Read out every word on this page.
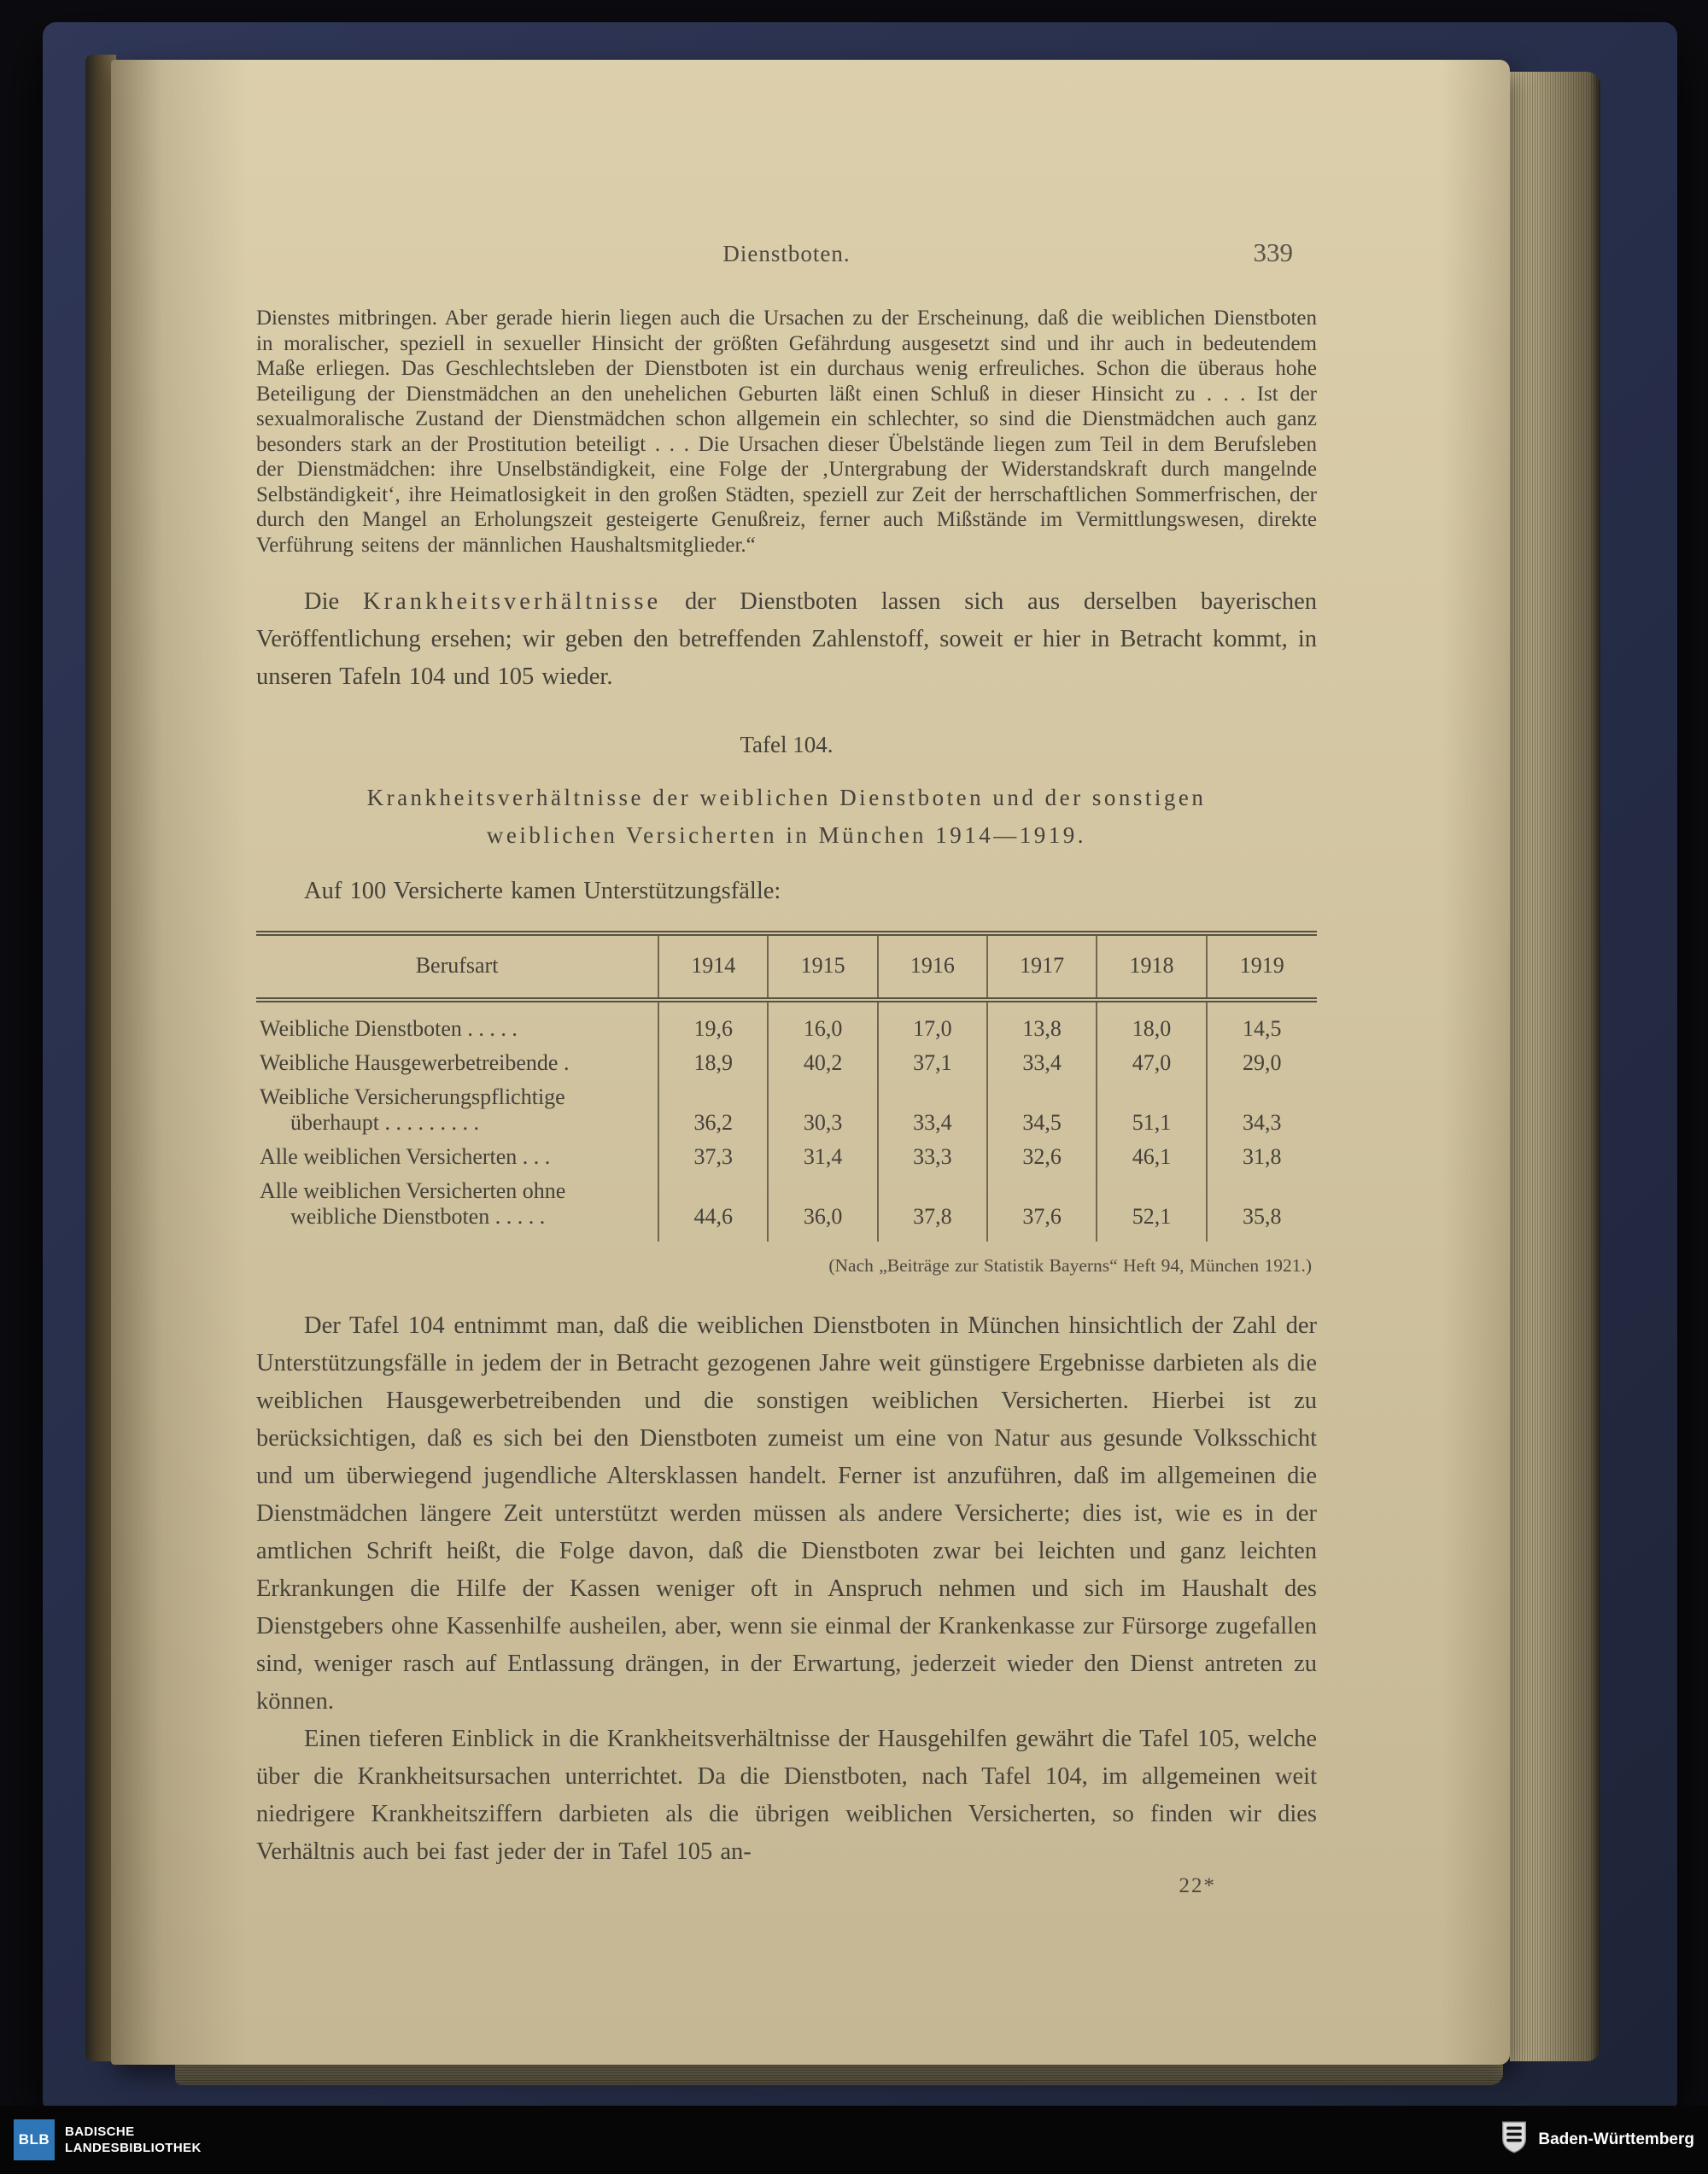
Dienstboten.	339

Dienstes mitbringen. Aber gerade hierin liegen auch die Ursachen zu der Erscheinung, daß die weiblichen Dienstboten in moralischer, speziell in sexueller Hinsicht der größten Gefährdung ausgesetzt sind und ihr auch in bedeutendem Maße erliegen. Das Geschlechtsleben der Dienstboten ist ein durchaus wenig erfreuliches. Schon die überaus hohe Beteiligung der Dienstmädchen an den unehelichen Geburten läßt einen Schluß in dieser Hinsicht zu . . . Ist der sexualmoralische Zustand der Dienstmädchen schon allgemein ein schlechter, so sind die Dienstmädchen auch ganz besonders stark an der Prostitution beteiligt . . . Die Ursachen dieser Übelstände liegen zum Teil in dem Berufsleben der Dienstmädchen: ihre Unselbständigkeit, eine Folge der ‚Untergrabung der Widerstandskraft durch mangelnde Selbständigkeit‘, ihre Heimatlosigkeit in den großen Städten, speziell zur Zeit der herrschaftlichen Sommerfrischen, der durch den Mangel an Erholungszeit gesteigerte Genußreiz, ferner auch Mißstände im Vermittlungswesen, direkte Verführung seitens der männlichen Haushaltsmitglieder.“

Die Krankheitsverhältnisse der Dienstboten lassen sich aus derselben bayerischen Veröffentlichung ersehen; wir geben den betreffenden Zahlenstoff, soweit er hier in Betracht kommt, in unseren Tafeln 104 und 105 wieder.

Tafel 104.
Krankheitsverhältnisse der weiblichen Dienstboten und der sonstigen
weiblichen Versicherten in München 1914—1919.

Auf 100 Versicherte kamen Unterstützungsfälle:

Berufsart	1914	1915	1916	1917	1918	1919
Weibliche Dienstboten . . . . .	19,6	16,0	17,0	13,8	18,0	14,5
Weibliche Hausgewerbetreibende .	18,9	40,2	37,1	33,4	47,0	29,0

Weibliche Versicherungspflichtige
überhaupt . . . . . . . . .	36,2	30,3	33,4	34,5	51,1	34,3
Alle weiblichen Versicherten . . .	37,3	31,4	33,3	32,6	46,1	31,8

Alle weiblichen Versicherten ohne
weibliche Dienstboten . . . . .	44,6	36,0	37,8	37,6	52,1	35,8
(Nach „Beiträge zur Statistik Bayerns“ Heft 94, München 1921.)

Der Tafel 104 entnimmt man, daß die weiblichen Dienstboten in München hinsichtlich der Zahl der Unterstützungsfälle in jedem der in Betracht gezogenen Jahre weit günstigere Ergebnisse darbieten als die weiblichen Hausgewerbetreibenden und die sonstigen weiblichen Versicherten. Hierbei ist zu berücksichtigen, daß es sich bei den Dienstboten zumeist um eine von Natur aus gesunde Volksschicht und um überwiegend jugendliche Altersklassen handelt. Ferner ist anzuführen, daß im allgemeinen die Dienstmädchen längere Zeit unterstützt werden müssen als andere Versicherte; dies ist, wie es in der amtlichen Schrift heißt, die Folge davon, daß die Dienstboten zwar bei leichten und ganz leichten Erkrankungen die Hilfe der Kassen weniger oft in Anspruch nehmen und sich im Haushalt des Dienstgebers ohne Kassenhilfe ausheilen, aber, wenn sie einmal der Krankenkasse zur Fürsorge zugefallen sind, weniger rasch auf Entlassung drängen, in der Erwartung, jederzeit wieder den Dienst antreten zu können.

Einen tieferen Einblick in die Krankheitsverhältnisse der Hausgehilfen gewährt die Tafel 105, welche über die Krankheitsursachen unterrichtet. Da die Dienstboten, nach Tafel 104, im allgemeinen weit niedrigere Krankheitsziffern darbieten als die übrigen weiblichen Versicherten, so finden wir dies Verhältnis auch bei fast jeder der in Tafel 105 an-

22*
BLB	BADISCHE
LANDESBIBLIOTHEK	Baden-Württemberg
